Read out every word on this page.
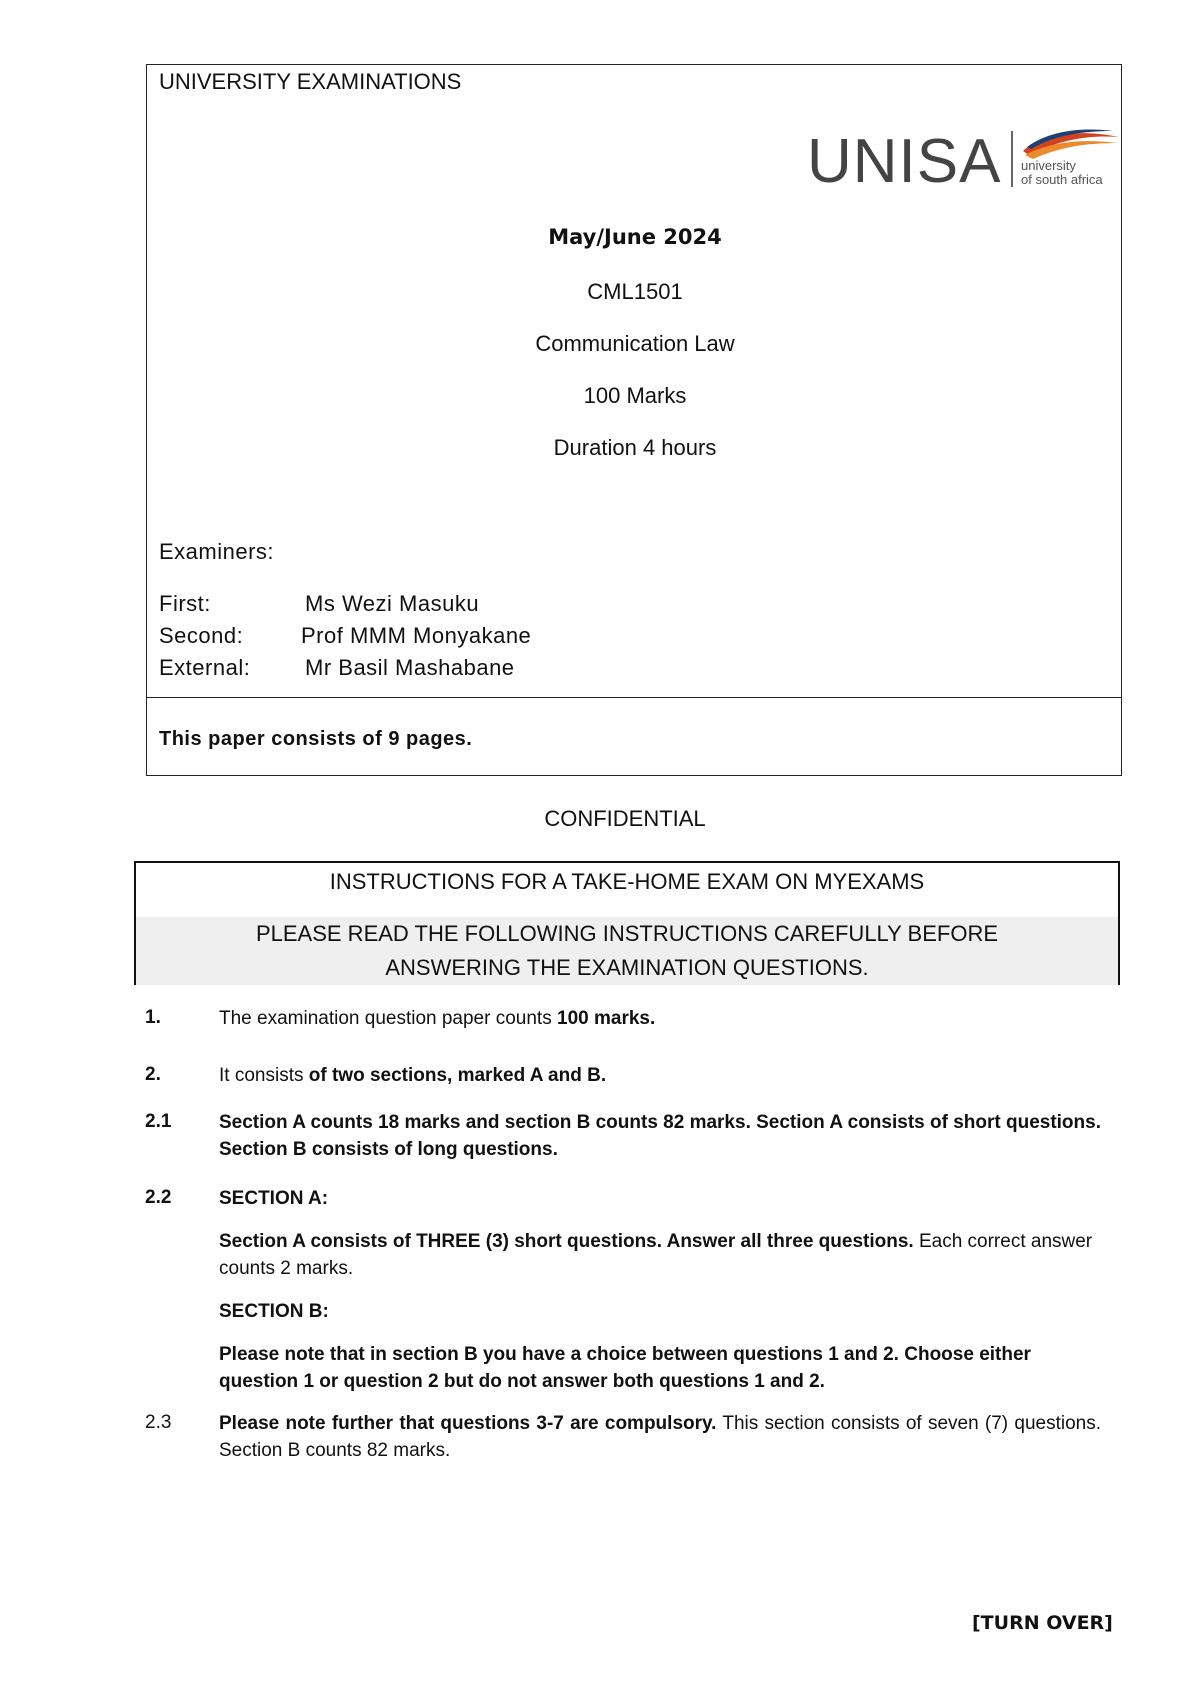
UNIVERSITY EXAMINATIONS
UNISA university
of south africa
May/June 2024
CML1501
Communication Law
100 Marks
Duration 4 hours
Examiners:
First:	Ms Wezi Masuku
Second:	Prof MMM Monyakane
External: Mr Basil Mashabane
This paper consists of 9 pages.
CONFIDENTIAL
INSTRUCTIONS FOR A TAKE-HOME EXAM ON MYEXAMS
PLEASE READ THE FOLLOWING INSTRUCTIONS CAREFULLY BEFORE
ANSWERING THE EXAMINATION QUESTIONS.
1.	The examination question paper counts 100 marks.
2.	It consists of two sections, marked A and B.
2.1	Section A counts 18 marks and section B counts 82 marks. Section A consists of short questions. Section B consists of long questions.
2.2	SECTION A:
Section A consists of THREE (3) short questions. Answer all three questions. Each correct answer counts 2 marks.
SECTION B:
Please note that in section B you have a choice between questions 1 and 2. Choose either question 1 or question 2 but do not answer both questions 1 and 2.
2.3	Please note further that questions 3-7 are compulsory. This section consists of seven (7) questions. Section B counts 82 marks.
[TURN OVER]
